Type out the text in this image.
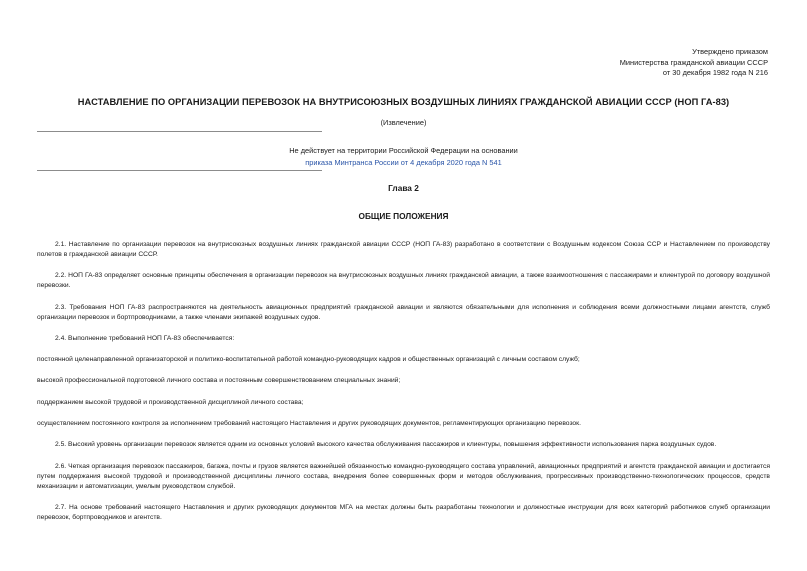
Утверждено приказом
Министерства гражданской авиации СССР
от 30 декабря 1982 года N 216
НАСТАВЛЕНИЕ ПО ОРГАНИЗАЦИИ ПЕРЕВОЗОК НА ВНУТРИСОЮЗНЫХ ВОЗДУШНЫХ ЛИНИЯХ ГРАЖДАНСКОЙ АВИАЦИИ СССР (НОП ГА-83)
(Извлечение)
Не действует на территории Российской Федерации на основании
приказа Минтранса России от 4 декабря 2020 года N 541
Глава 2
ОБЩИЕ ПОЛОЖЕНИЯ

2.1. Наставление по организации перевозок на внутрисоюзных воздушных линиях гражданской авиации СССР (НОП ГА-83) разработано в соответствии с Воздушным кодексом Союза ССР и Наставлением по производству полетов в гражданской авиации СССР.

2.2. НОП ГА-83 определяет основные принципы обеспечения в организации перевозок на внутрисоюзных воздушных линиях гражданской авиации, а также взаимоотношения с пассажирами и клиентурой по договору воздушной перевозки.

2.3. Требования НОП ГА-83 распространяются на деятельность авиационных предприятий гражданской авиации и являются обязательными для исполнения и соблюдения всеми должностными лицами агентств, служб организации перевозок и бортпроводниками, а также членами экипажей воздушных судов.

2.4. Выполнение требований НОП ГА-83 обеспечивается:

постоянной целенаправленной организаторской и политико-воспитательной работой командно-руководящих кадров и общественных организаций с личным составом служб;

высокой профессиональной подготовкой личного состава и постоянным совершенствованием специальных знаний;

поддержанием высокой трудовой и производственной дисциплиной личного состава;

осуществлением постоянного контроля за исполнением требований настоящего Наставления и других руководящих документов, регламентирующих организацию перевозок.

2.5. Высокий уровень организации перевозок является одним из основных условий высокого качества обслуживания пассажиров и клиентуры, повышения эффективности использования парка воздушных судов.

2.6. Четкая организация перевозок пассажиров, багажа, почты и грузов является важнейшей обязанностью командно-руководящего состава управлений, авиационных предприятий и агентств гражданской авиации и достигается путем поддержания высокой трудовой и производственной дисциплины личного состава, внедрения более совершенных форм и методов обслуживания, прогрессивных производственно-технологических процессов, средств механизации и автоматизации, умелым руководством службой.

2.7. На основе требований настоящего Наставления и других руководящих документов МГА на местах должны быть разработаны технологии и должностные инструкции для всех категорий работников служб организации перевозок, бортпроводников и агентств.
